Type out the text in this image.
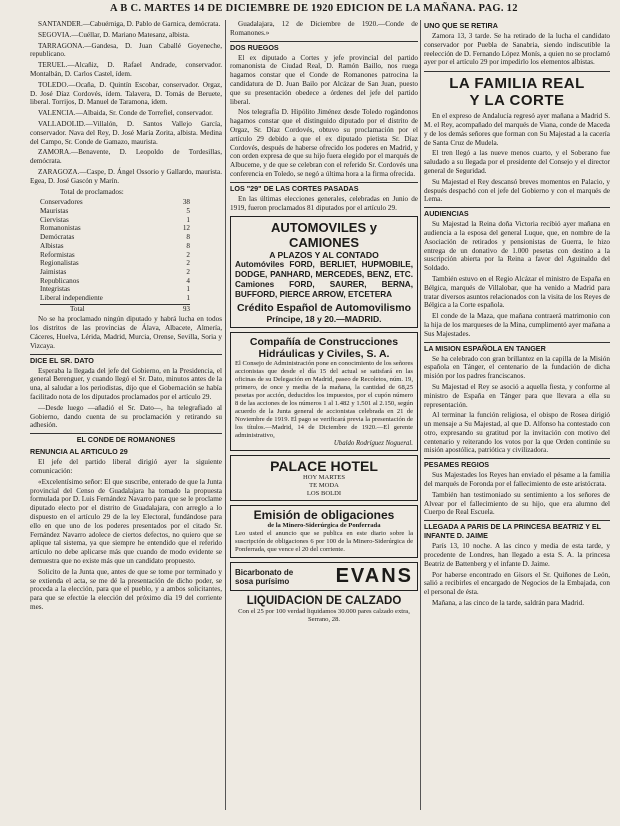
A B C. MARTES 14 DE DICIEMBRE DE 1920 EDICION DE LA MAÑANA. PAG. 12

SANTANDER.—Cabuérniga, D. Pablo de Garnica, demócrata.

SEGOVIA.—Cuéllar, D. Mariano Matesanz, albista.

TARRAGONA.—Gandesa, D. Juan Caballé Goyeneche, republicano.

TERUEL.—Alcañiz, D. Rafael Andrade, conservador. Montalbán, D. Carlos Castel, ídem.

TOLEDO.—Ocaña, D. Quintín Escobar, conservador. Orgaz, D. José Díaz Cordovés, ídem. Talavera, D. Tomás de Beruete, liberal. Torrijos, D. Manuel de Taramona, ídem.

VALENCIA.—Albaida, Sr. Conde de Torrefiel, conservador.

VALLADOLID.—Villalón, D. Santos Vallejo García, conservador. Nava del Rey, D. José María Zorita, albista. Medina del Campo, Sr. Conde de Gamazo, maurista.

ZAMORA.—Benavente, D. Leopoldo de Tordesillas, demócrata.

ZARAGOZA.—Caspe, D. Ángel Ossorio y Gallardo, maurista. Egea, D. José Gascón y Marín.

Total de proclamados:

Conservadores	38
Mauristas	5
Ciervistas	1
Romanonistas	12
Demócratas	8
Albistas	8
Reformistas	2
Regionalistas	2
Jaimistas	2
Republicanos	4
Integristas	1
Liberal independiente	1
Total	93

No se ha proclamado ningún diputado y habrá lucha en todos los distritos de las provincias de Álava, Albacete, Almería, Cáceres, Huelva, Lérida, Madrid, Murcia, Orense, Sevilla, Soria y Vizcaya.

DICE EL SR. DATO

Esperaba la llegada del jefe del Gobierno, en la Presidencia, el general Berenguer, y cuando llegó el Sr. Dato, minutos antes de la una, al saludar a los periodistas, dijo que el Gobernación se había facilitado nota de los diputados proclamados por el artículo 29.

—Desde luego —añadió el Sr. Dato—, ha telegrafiado al Gobierno, dando cuenta de su proclamación y retirando su adhesión.

EL CONDE DE ROMANONES
RENUNCIA AL ARTICULO 29

El jefe del partido liberal dirigió ayer la siguiente comunicación:

«Excelentísimo señor: El que suscribe, enterado de que la Junta provincial del Censo de Guadalajara ha tomado la propuesta formulada por D. Luis Fernández Navarro para que se le proclame diputado electo por el distrito de Guadalajara, con arreglo a lo dispuesto en el artículo 29 de la ley Electoral, fundándose para ello en que uno de los poderes presentados por el citado Sr. Fernández Navarro adolece de ciertos defectos, no quiero que se aplique tal sistema, ya que siempre he entendido que el referido artículo no debe aplicarse más que cuando de modo evidente se demuestra que no existe más que un candidato propuesto.

Solicito de la Junta que, antes de que se tome por terminado y se extienda el acta, se me dé la presentación de dicho poder, se proceda a la elección, para que el pueblo, y a ambos solicitantes, para que se efectúe la elección del próximo día 19 del corriente mes.

Guadalajara, 12 de Diciembre de 1920.—Conde de Romanones.»

DOS RUEGOS

El ex diputado a Cortes y jefe provincial del partido romanonista de Ciudad Real, D. Ramón Baillo, nos ruega hagamos constar que el Conde de Romanones patrocina la candidatura de D. Juan Bailo por Alcázar de San Juan, puesto que su presentación obedece a órdenes del jefe del partido liberal.

Nos telegrafía D. Hipólito Jiménez desde Toledo rogándonos hagamos constar que el distinguido diputado por el distrito de Orgaz, Sr. Díaz Cordovés, obtuvo su proclamación por el artículo 29 debido a que el ex diputado pietista Sr. Díaz Cordovés, después de haberse ofrecido los poderes en Madrid, y con orden expresa de que su hijo fuera elegido por el marqués de Albuceme, y de que se celebran con el referido Sr. Cordovés una conferencia en Toledo, se negó a última hora a la firma ofrecida.

LOS "29" DE LAS CORTES PASADAS

En las últimas elecciones generales, celebradas en Junio de 1919, fueron proclamados 81 diputados por el artículo 29.

AUTOMOVILES y CAMIONES
A PLAZOS Y AL CONTADO
Automóviles FORD, BERLIET, HUPMOBILE, DODGE, PANHARD, MERCEDES, BENZ, ETC. Camiones FORD, SAURER, BERNA, BUFFORD, PIERCE ARROW, ETCETERA
Crédito Español de Automovilismo
Príncipe, 18 y 20.—MADRID.
Compañía de Construcciones Hidráulicas y Civiles, S. A.
El Consejo de Administración pone en conocimiento de los señores accionistas que desde el día 15 del actual se satisfará en las oficinas de su Delegación en Madrid, paseo de Recoletos, núm. 19, primero, de once y media de la mañana, la cantidad de 68,25 pesetas por acción, deducidos los impuestos, por el cupón número 8 de las acciones de los números 1 al 1.482 y 1.501 al 2.150, según acuerdo de la Junta general de accionistas celebrada en 21 de Noviembre de 1919. El pago se verificará previa la presentación de los títulos.—Madrid, 14 de Diciembre de 1920.—El gerente administrativo,
Ubaldo Rodríguez Nogueral.
PALACE HOTEL
HOY MARTES
TE MODA
LOS BOLDI
Emisión de obligaciones
de la Minero-Siderúrgica de Ponferrada
Leo usted el anuncio que se publica en este diario sobre la suscripción de obligaciones 6 por 100 de la Minero-Siderúrgica de Ponferrada, que vence el 20 del corriente.
Bicarbonato de sosa purísimo	EVANS
LIQUIDACION DE CALZADO
Con el 25 por 100 verdad liquidamos 30.000 pares calzado extra, Serrano, 28.
UNO QUE SE RETIRA

Zamora 13, 3 tarde. Se ha retirado de la lucha el candidato conservador por Puebla de Sanabria, siendo indiscutible la reelección de D. Fernando López Monís, a quien no se proclamó ayer por el artículo 29 por impedirlo los elementos albistas.

LA FAMILIA REAL
Y LA CORTE

En el expreso de Andalucía regresó ayer mañana a Madrid S. M. el Rey, acompañado del marqués de Viana, conde de Maceda y de los demás señores que forman con Su Majestad a la cacería de Santa Cruz de Mudela.

El tren llegó a las nueve menos cuarto, y el Soberano fue saludado a su llegada por el presidente del Consejo y el director general de Seguridad.

Su Majestad el Rey descansó breves momentos en Palacio, y después despachó con el jefe del Gobierno y con el marqués de Lema.

AUDIENCIAS

Su Majestad la Reina doña Victoria recibió ayer mañana en audiencia a la esposa del general Luque, que, en nombre de la Asociación de retirados y pensionistas de Guerra, le hizo entrega de un donativo de 1.000 pesetas con destino a la suscripción abierta por la Reina a favor del Aguinaldo del Soldado.

También estuvo en el Regio Alcázar el ministro de España en Bélgica, marqués de Villalobar, que ha venido a Madrid para tratar diversos asuntos relacionados con la visita de los Reyes de Bélgica a la Corte española.

El conde de la Maza, que mañana contraerá matrimonio con la hija de los marqueses de la Mina, cumplimentó ayer mañana a Sus Majestades.

LA MISION ESPAÑOLA EN TANGER

Se ha celebrado con gran brillantez en la capilla de la Misión española en Tánger, el centenario de la fundación de dicha misión por los padres franciscanos.

Su Majestad el Rey se asoció a aquella fiesta, y conforme al ministro de España en Tánger para que llevara a ella su representación.

Al terminar la función religiosa, el obispo de Rosea dirigió un mensaje a Su Majestad, al que D. Alfonso ha contestado con otro, expresando su gratitud por la invitación con motivo del centenario y reiterando los votos por la que Orden continúe su misión apostólica, patriótica y civilizadora.

PESAMES REGIOS

Sus Majestades los Reyes han enviado el pésame a la familia del marqués de Foronda por el fallecimiento de este aristócrata.

También han testimoniado su sentimiento a los señores de Alvear por el fallecimiento de su hijo, que era alumno del Cuerpo de Real Escuela.

LLEGADA A PARIS DE LA PRINCESA BEATRIZ Y EL INFANTE D. JAIME

París 13, 10 noche. A las cinco y media de esta tarde, y procedente de Londres, han llegado a esta S. A. la princesa Beatriz de Battenberg y el infante D. Jaime.

Por haberse encontrado en Gisors el Sr. Quiñones de León, salió a recibirles el encargado de Negocios de la Embajada, con el personal de ésta.

Mañana, a las cinco de la tarde, saldrán para Madrid.
